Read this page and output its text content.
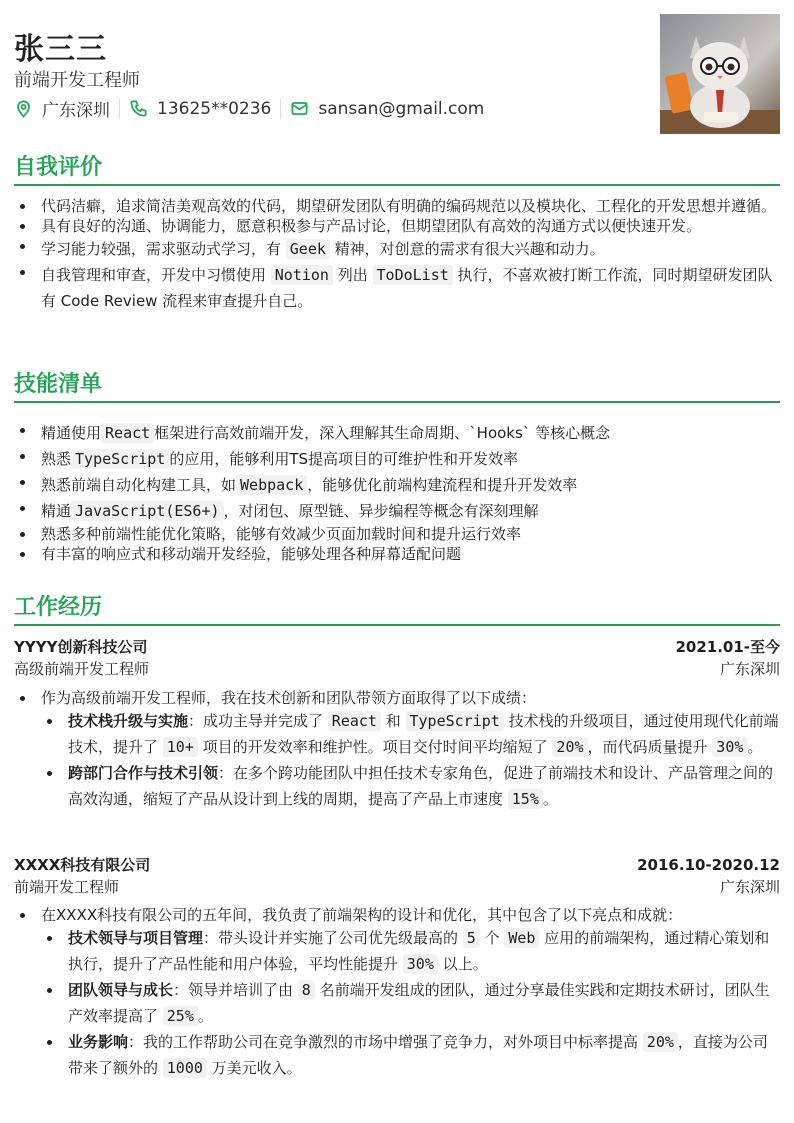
张三三
前端开发工程师
广东深圳	13625**0236	sansan@gmail.com
自我评价
代码洁癖，追求简洁美观高效的代码，期望研发团队有明确的编码规范以及模块化、工程化的开发思想并遵循。
具有良好的沟通、协调能力，愿意积极参与产品讨论，但期望团队有高效的沟通方式以便快速开发。
学习能力较强，需求驱动式学习，有 Geek 精神，对创意的需求有很大兴趣和动力。
自我管理和审查，开发中习惯使用 Notion 列出 ToDoList 执行，不喜欢被打断工作流，同时期望研发团队有 Code Review 流程来审查提升自己。
技能清单
精通使用 React 框架进行高效前端开发，深入理解其生命周期、`Hooks` 等核心概念
熟悉 TypeScript 的应用，能够利用TS提高项目的可维护性和开发效率
熟悉前端自动化构建工具，如 Webpack ，能够优化前端构建流程和提升开发效率
精通 JavaScript(ES6+) ，对闭包、原型链、异步编程等概念有深刻理解
熟悉多种前端性能优化策略，能够有效减少页面加载时间和提升运行效率
有丰富的响应式和移动端开发经验，能够处理各种屏幕适配问题
工作经历
YYYY创新科技公司	2021.01-至今
高级前端开发工程师	广东深圳
作为高级前端开发工程师，我在技术创新和团队带领方面取得了以下成绩：
技术栈升级与实施：成功主导并完成了 React 和 TypeScript 技术栈的升级项目，通过使用现代化前端技术，提升了 10+ 项目的开发效率和维护性。项目交付时间平均缩短了 20% ，而代码质量提升 30% 。
跨部门合作与技术引领：在多个跨功能团队中担任技术专家角色，促进了前端技术和设计、产品管理之间的高效沟通，缩短了产品从设计到上线的周期，提高了产品上市速度 15% 。
XXXX科技有限公司	2016.10-2020.12
前端开发工程师	广东深圳
在XXXX科技有限公司的五年间，我负责了前端架构的设计和优化，其中包含了以下亮点和成就：
技术领导与项目管理：带头设计并实施了公司优先级最高的 5 个 Web 应用的前端架构，通过精心策划和执行，提升了产品性能和用户体验，平均性能提升 30% 以上。
团队领导与成长：领导并培训了由 8 名前端开发组成的团队，通过分享最佳实践和定期技术研讨，团队生产效率提高了 25% 。
业务影响：我的工作帮助公司在竞争激烈的市场中增强了竞争力，对外项目中标率提高 20% ，直接为公司带来了额外的 1000 万美元收入。
